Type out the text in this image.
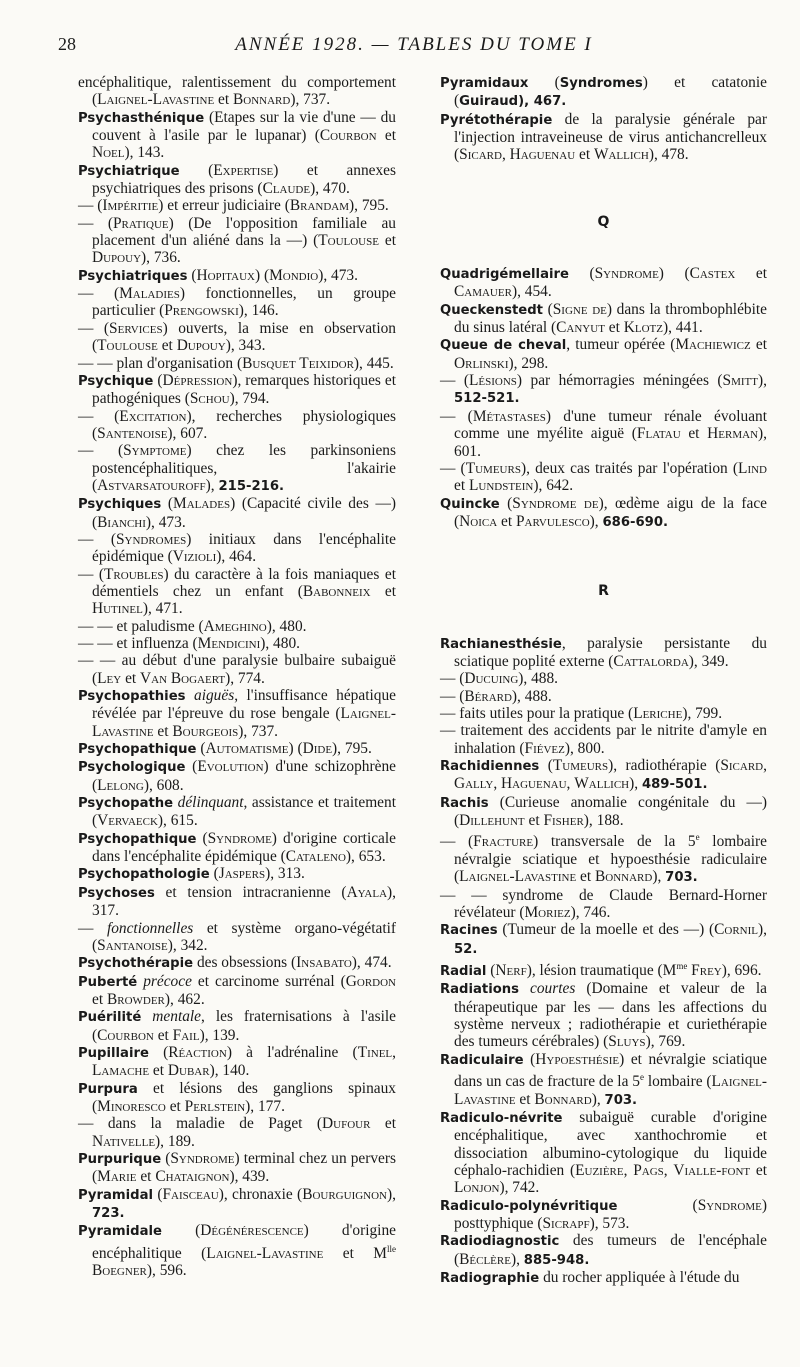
28	ANNÉE 1928. — TABLES DU TOME I
encéphalitique, ralentissement du comportement (Laignel-Lavastine et Bonnard), 737.
Psychasthénique (Etapes sur la vie d'une — du couvent à l'asile par le lupanar) (Courbon et Noel), 143.
Psychiatrique (Expertise) et annexes psychiatriques des prisons (Claude), 470.
— (Impéritie) et erreur judiciaire (Brandam), 795.
— (Pratique) (De l'opposition familiale au placement d'un aliéné dans la —) (Toulouse et Dupouy), 736.
Psychiatriques (Hopitaux) (Mondio), 473.
— (Maladies) fonctionnelles, un groupe particulier (Prengowski), 146.
— (Services) ouverts, la mise en observation (Toulouse et Dupouy), 343.
— — plan d'organisation (Busquet Teixidor), 445.
Psychique (Dépression), remarques historiques et pathogéniques (Schou), 794.
— (Excitation), recherches physiologiques (Santenoise), 607.
— (Symptome) chez les parkinsoniens postencéphalitiques, l'akairie (Astvarsatouroff), 215-216.
Psychiques (Malades) (Capacité civile des —) (Bianchi), 473.
— (Syndromes) initiaux dans l'encéphalite épidémique (Vizioli), 464.
— (Troubles) du caractère à la fois maniaques et démentiels chez un enfant (Babonneix et Hutinel), 471.
— — et paludisme (Ameghino), 480.
— — et influenza (Mendicini), 480.
— — au début d'une paralysie bulbaire subaiguë (Ley et Van Bogaert), 774.
Psychopathies aiguës, l'insuffisance hépatique révélée par l'épreuve du rose bengale (Laignel-Lavastine et Bourgeois), 737.
Psychopathique (Automatisme) (Dide), 795.
Psychologique (Evolution) d'une schizophrène (Lelong), 608.
Psychopathe délinquant, assistance et traitement (Vervaeck), 615.
Psychopathique (Syndrome) d'origine corticale dans l'encéphalite épidémique (Cataleno), 653.
Psychopathologie (Jaspers), 313.
Psychoses et tension intracranienne (Ayala), 317.
— fonctionnelles et système organo-végétatif (Santanoise), 342.
Psychothérapie des obsessions (Insabato), 474.
Puberté précoce et carcinome surrénal (Gordon et Browder), 462.
Puérilité mentale, les fraternisations à l'asile (Courbon et Fail), 139.
Pupillaire (Réaction) à l'adrénaline (Tinel, Lamache et Dubar), 140.
Purpura et lésions des ganglions spinaux (Minoresco et Perlstein), 177.
— dans la maladie de Paget (Dufour et Nativelle), 189.
Purpurique (Syndrome) terminal chez un pervers (Marie et Chataignon), 439.
Pyramidal (Faisceau), chronaxie (Bourguignon), 723.
Pyramidale (Dégénérescence) d'origine encéphalitique (Laignel-Lavastine et $M^{lle}$ Boegner), 596.
Pyramidaux (Syndromes) et catatonie (Guiraud), 467.
Pyrétothérapie de la paralysie générale par l'injection intraveineuse de virus antichancrelleux (Sicard, Haguenau et Wallich), 478.
Q
Quadrigémellaire (Syndrome) (Castex et Camauer), 454.
Queckenstedt (Signe de) dans la thrombophlébite du sinus latéral (Canyut et Klotz), 441.
Queue de cheval, tumeur opérée (Machiewicz et Orlinski), 298.
— (Lésions) par hémorragies méningées (Smitt), 512-521.
— (Métastases) d'une tumeur rénale évoluant comme une myélite aiguë (Flatau et Herman), 601.
— (Tumeurs), deux cas traités par l'opération (Lind et Lundstein), 642.
Quincke (Syndrome de), œdème aigu de la face (Noica et Parvulesco), 686-690.
R
Rachianesthésie, paralysie persistante du sciatique poplité externe (Cattalorda), 349.
— (Ducuing), 488.
— (Bérard), 488.
— faits utiles pour la pratique (Leriche), 799.
— traitement des accidents par le nitrite d'amyle en inhalation (Fiévez), 800.
Rachidiennes (Tumeurs), radiothérapie (Sicard, Gally, Haguenau, Wallich), 489-501.
Rachis (Curieuse anomalie congénitale du —) (Dillehunt et Fisher), 188.
— (Fracture) transversale de la 5e lombaire névralgie sciatique et hypoesthésie radiculaire (Laignel-Lavastine et Bonnard), 703.
— — syndrome de Claude Bernard-Horner révélateur (Moriez), 746.
Racines (Tumeur de la moelle et des —) (Cornil), 52.
Radial (Nerf), lésion traumatique ($M^{me}$ Frey), 696.
Radiations courtes (Domaine et valeur de la thérapeutique par les — dans les affections du système nerveux ; radiothérapie et curiethérapie des tumeurs cérébrales) (Sluys), 769.
Radiculaire (Hypoesthésie) et névralgie sciatique dans un cas de fracture de la 5e lombaire (Laignel-Lavastine et Bonnard), 703.
Radiculo-névrite subaiguë curable d'origine encéphalitique, avec xanthochromie et dissociation albumino-cytologique du liquide céphalo-rachidien (Euzière, Pags, Vialle-font et Lonjon), 742.
Radiculo-polynévritique (Syndrome) posttyphique (Sicrapf), 573.
Radiodiagnostic des tumeurs de l'encéphale (Béclère), 885-948.
Radiographie du rocher appliquée à l'étude du
